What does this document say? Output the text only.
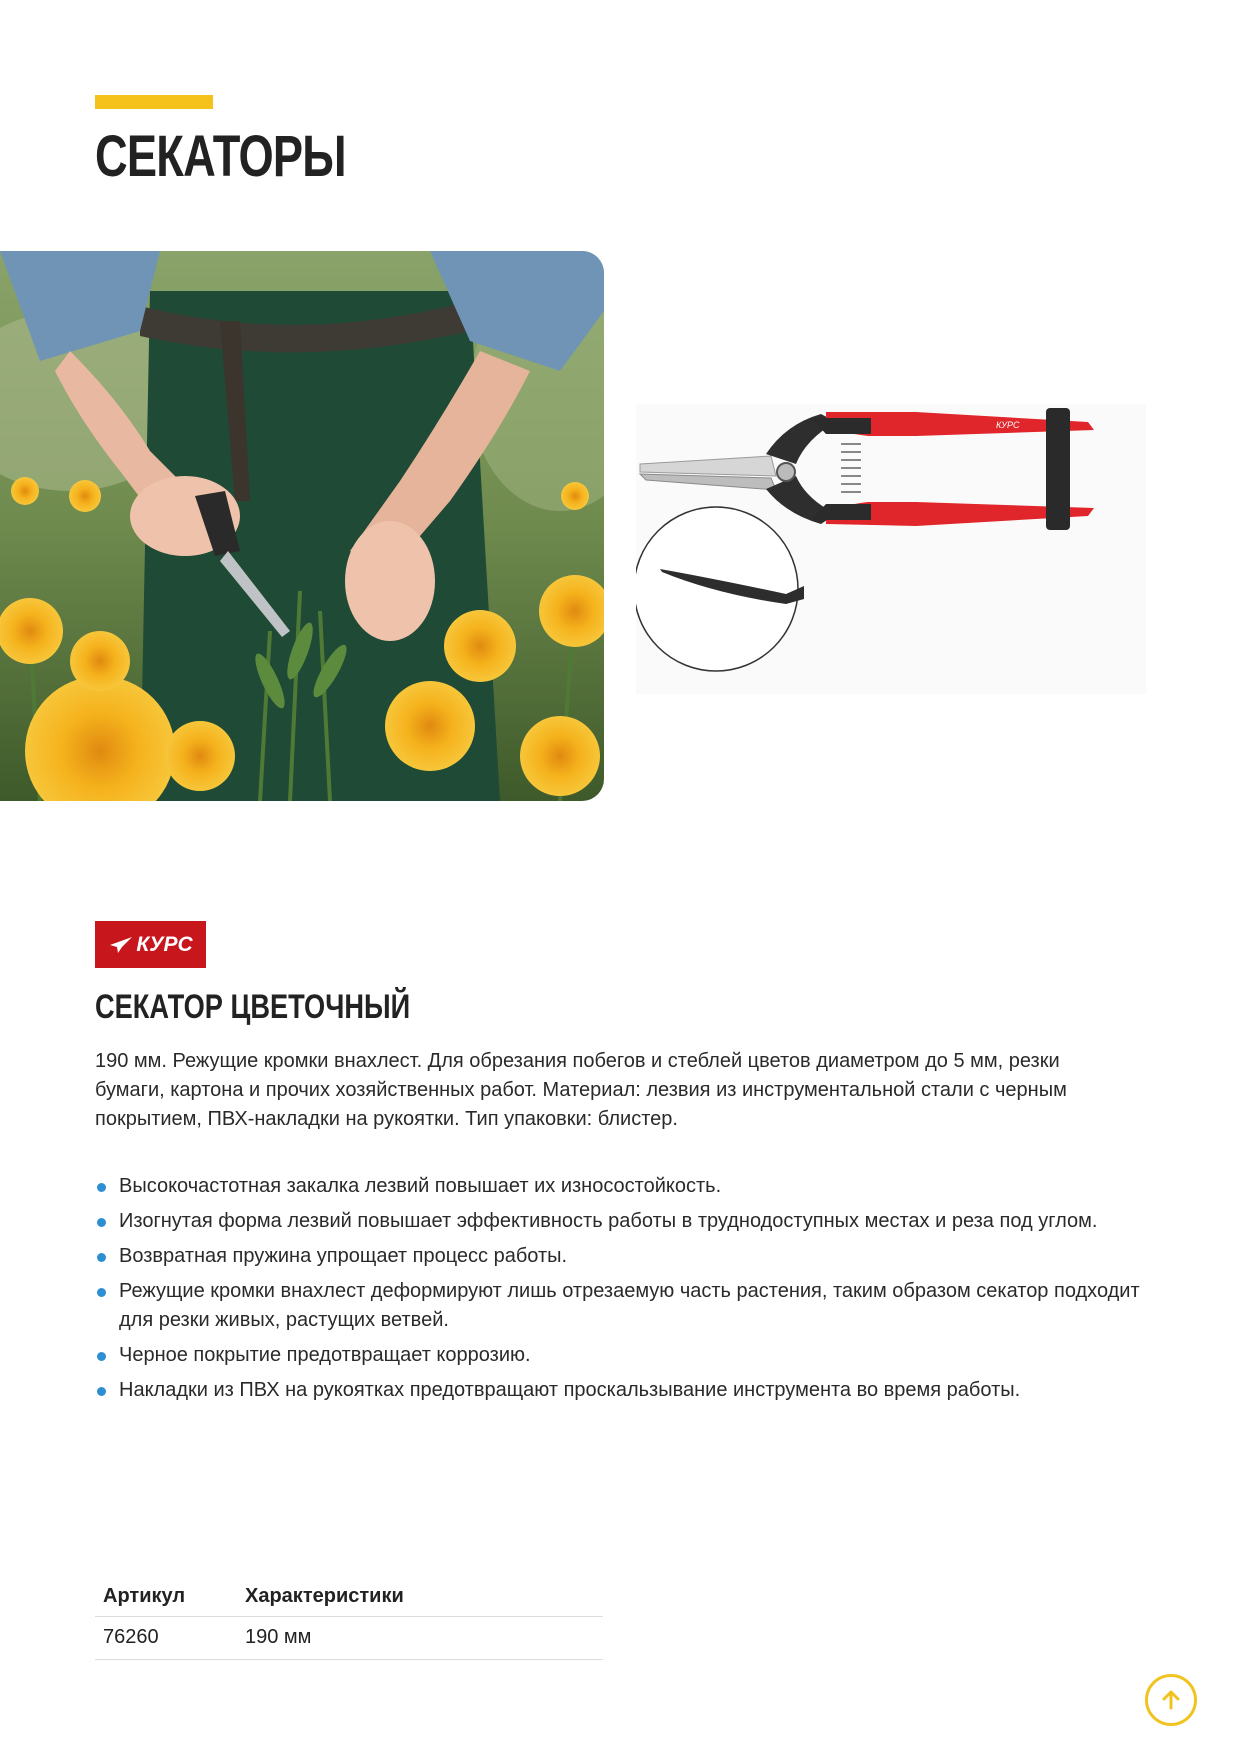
СЕКАТОРЫ
КУРС
КУРС
СЕКАТОР ЦВЕТОЧНЫЙ

190 мм. Режущие кромки внахлест. Для обрезания побегов и стеблей цветов диаметром до 5 мм, резки бумаги, картона и прочих хозяйственных работ. Материал: лезвия из инструментальной стали с черным покрытием, ПВХ-накладки на рукоятки. Тип упаковки: блистер.

Высокочастотная закалка лезвий повышает их износостойкость.
Изогнутая форма лезвий повышает эффективность работы в труднодоступных местах и реза под углом.
Возвратная пружина упрощает процесс работы.
Режущие кромки внахлест деформируют лишь отрезаемую часть растения, таким образом секатор подходит для резки живых, растущих ветвей.
Черное покрытие предотвращает коррозию.
Накладки из ПВХ на рукоятках предотвращают проскальзывание инструмента во время работы.
Артикул	Характеристики
76260	190 мм
